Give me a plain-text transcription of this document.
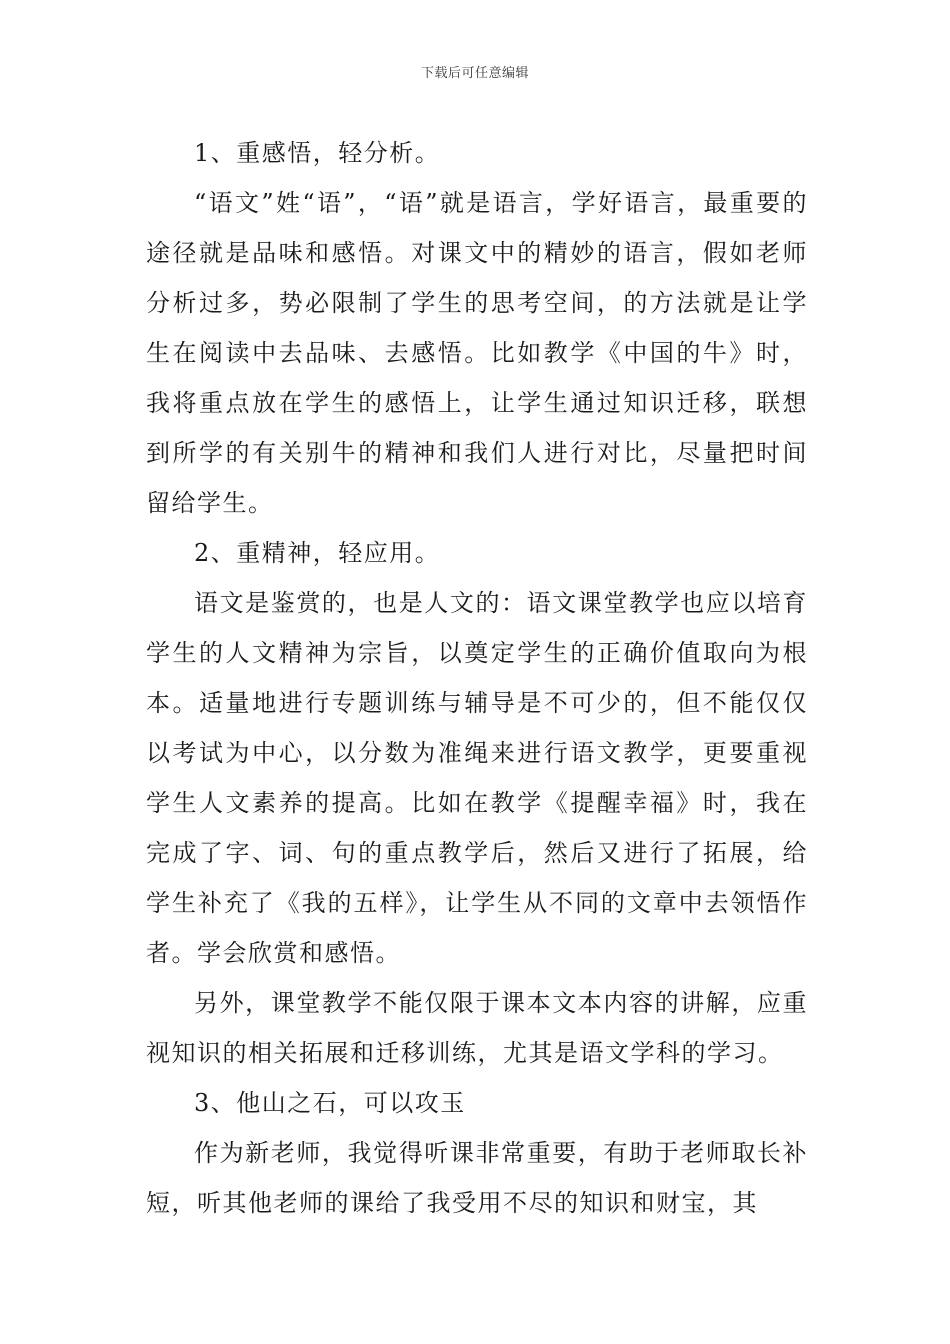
下载后可任意编辑

1、重感悟，轻分析。

“语文”姓“语”，“语”就是语言，学好语言，最重要的途径就是品味和感悟。对课文中的精妙的语言，假如老师分析过多，势必限制了学生的思考空间，的方法就是让学生在阅读中去品味、去感悟。比如教学《中国的牛》时，我将重点放在学生的感悟上，让学生通过知识迁移，联想到所学的有关别牛的精神和我们人进行对比，尽量把时间留给学生。

2、重精神，轻应用。

语文是鉴赏的，也是人文的：语文课堂教学也应以培育学生的人文精神为宗旨，以奠定学生的正确价值取向为根本。适量地进行专题训练与辅导是不可少的，但不能仅仅以考试为中心，以分数为准绳来进行语文教学，更要重视学生人文素养的提高。比如在教学《提醒幸福》时，我在完成了字、词、句的重点教学后，然后又进行了拓展，给学生补充了《我的五样》，让学生从不同的文章中去领悟作者。学会欣赏和感悟。

另外，课堂教学不能仅限于课本文本内容的讲解，应重视知识的相关拓展和迁移训练，尤其是语文学科的学习。

3、他山之石，可以攻玉

作为新老师，我觉得听课非常重要，有助于老师取长补短，听其他老师的课给了我受用不尽的知识和财宝，其
